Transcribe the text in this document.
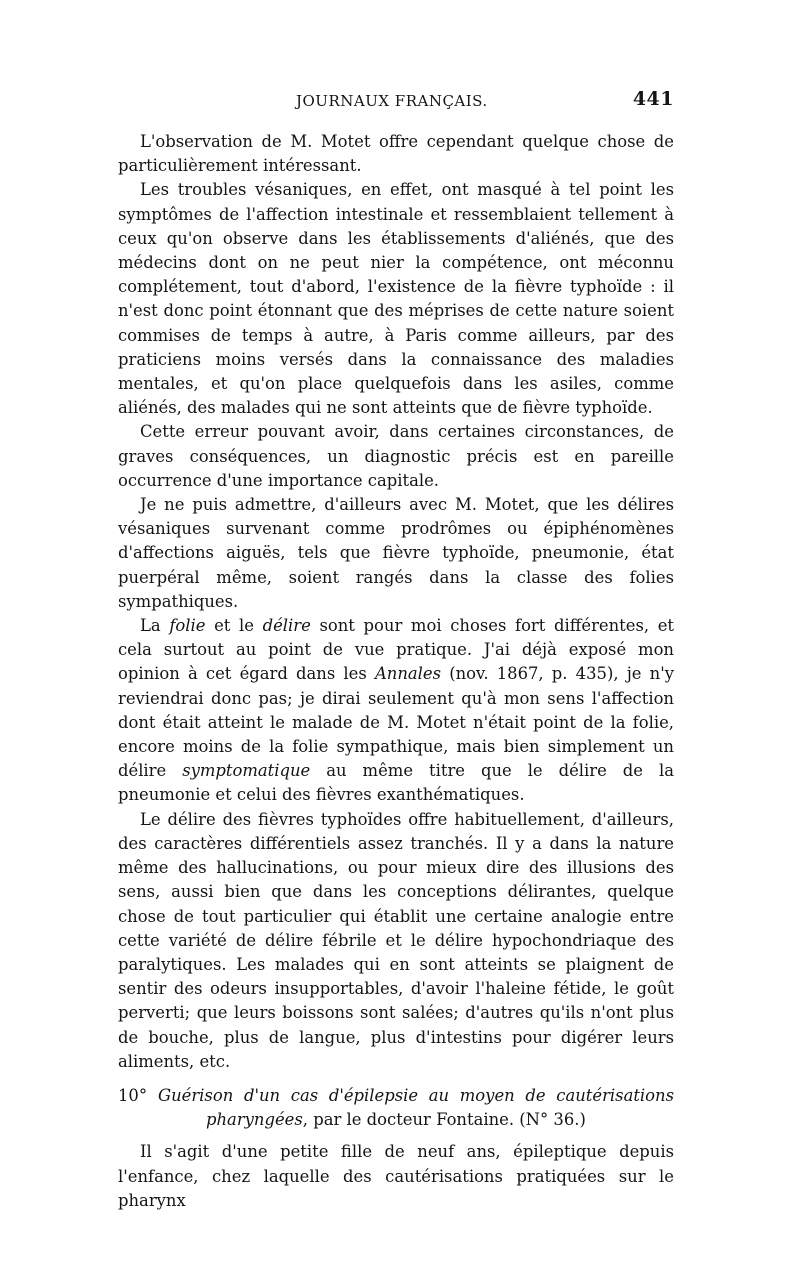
JOURNAUX FRANÇAIS.	441

L'observation de M. Motet offre cependant quelque chose de particulièrement intéressant.

Les troubles vésaniques, en effet, ont masqué à tel point les symptômes de l'affection intestinale et ressemblaient tellement à ceux qu'on observe dans les établissements d'aliénés, que des médecins dont on ne peut nier la compétence, ont méconnu complétement, tout d'abord, l'existence de la fièvre typhoïde : il n'est donc point étonnant que des méprises de cette nature soient commises de temps à autre, à Paris comme ailleurs, par des praticiens moins versés dans la connaissance des maladies mentales, et qu'on place quelquefois dans les asiles, comme aliénés, des malades qui ne sont atteints que de fièvre typhoïde.

Cette erreur pouvant avoir, dans certaines circonstances, de graves conséquences, un diagnostic précis est en pareille occurrence d'une importance capitale.

Je ne puis admettre, d'ailleurs avec M. Motet, que les délires vésaniques survenant comme prodrômes ou épiphénomènes d'affections aiguës, tels que fièvre typhoïde, pneumonie, état puerpéral même, soient rangés dans la classe des folies sympathiques.

La folie et le délire sont pour moi choses fort différentes, et cela surtout au point de vue pratique. J'ai déjà exposé mon opinion à cet égard dans les Annales (nov. 1867, p. 435), je n'y reviendrai donc pas; je dirai seulement qu'à mon sens l'affection dont était atteint le malade de M. Motet n'était point de la folie, encore moins de la folie sympathique, mais bien simplement un délire symptomatique au même titre que le délire de la pneumonie et celui des fièvres exanthématiques.

Le délire des fièvres typhoïdes offre habituellement, d'ailleurs, des caractères différentiels assez tranchés. Il y a dans la nature même des hallucinations, ou pour mieux dire des illusions des sens, aussi bien que dans les conceptions délirantes, quelque chose de tout particulier qui établit une certaine analogie entre cette variété de délire fébrile et le délire hypochondriaque des paralytiques. Les malades qui en sont atteints se plaignent de sentir des odeurs insupportables, d'avoir l'haleine fétide, le goût perverti; que leurs boissons sont salées; d'autres qu'ils n'ont plus de bouche, plus de langue, plus d'intestins pour digérer leurs aliments, etc.

10° Guérison d'un cas d'épilepsie au moyen de cautérisations pharyngées, par le docteur Fontaine. (N° 36.)

Il s'agit d'une petite fille de neuf ans, épileptique depuis l'enfance, chez laquelle des cautérisations pratiquées sur le pharynx
